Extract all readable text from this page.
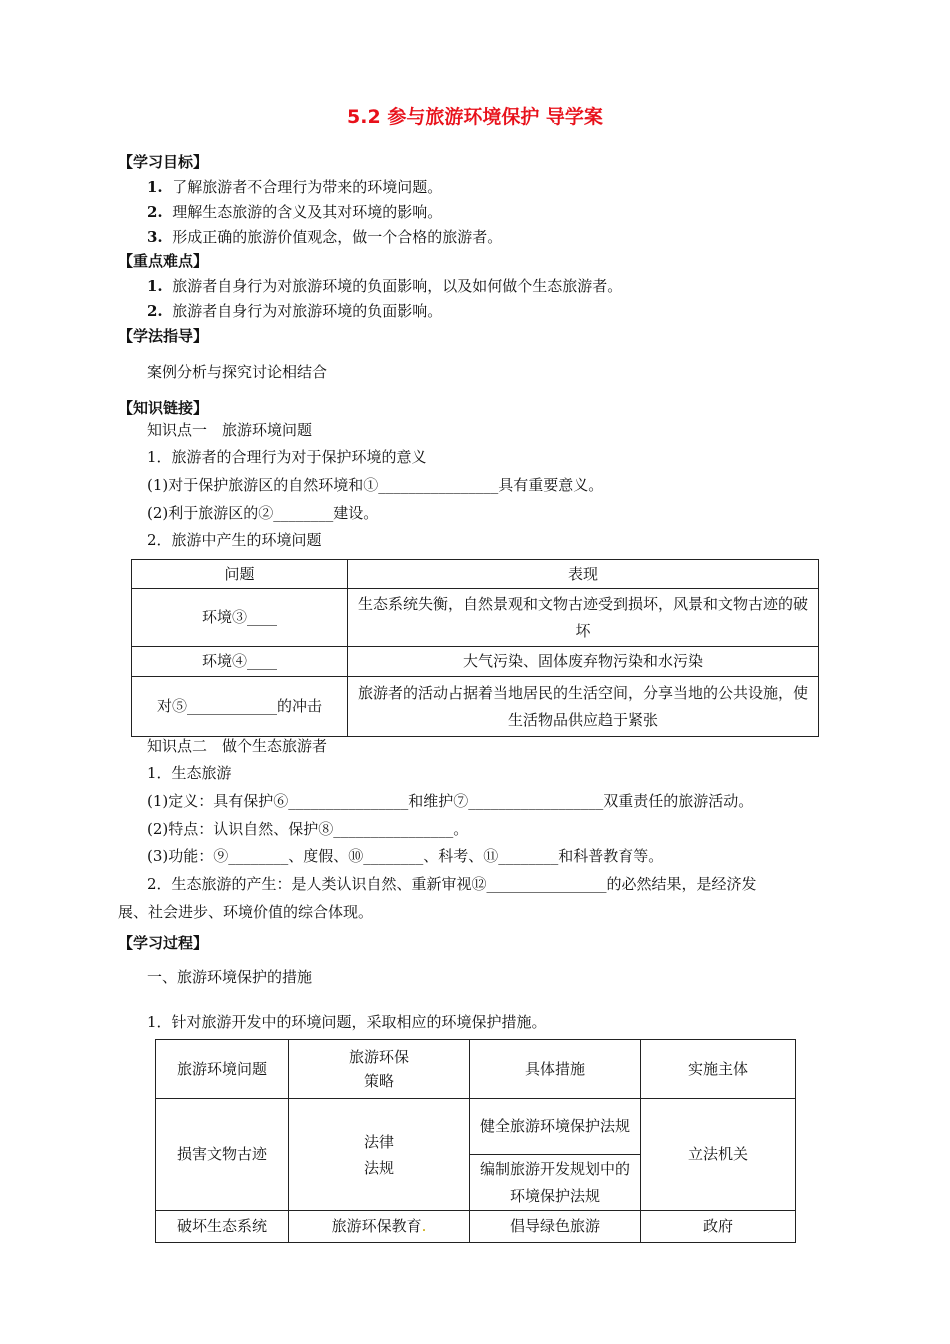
5.2 参与旅游环境保护 导学案
【学习目标】
1. 了解旅游者不合理行为带来的环境问题。
2. 理解生态旅游的含义及其对环境的影响。
3. 形成正确的旅游价值观念，做一个合格的旅游者。
【重点难点】
1. 旅游者自身行为对旅游环境的负面影响，以及如何做个生态旅游者。
2. 旅游者自身行为对旅游环境的负面影响。
【学法指导】
案例分析与探究讨论相结合
【知识链接】
知识点一　旅游环境问题
1．旅游者的合理行为对于保护环境的意义
(1)对于保护旅游区的自然环境和①________________具有重要意义。
(2)利于旅游区的②________建设。
2．旅游中产生的环境问题
问题	表现
环境③____	生态系统失衡，自然景观和文物古迹受到损坏，风景和文物古迹的破坏
环境④____	大气污染、固体废弃物污染和水污染
对⑤____________的冲击	旅游者的活动占据着当地居民的生活空间，分享当地的公共设施，使生活物品供应趋于紧张
知识点二　做个生态旅游者
1．生态旅游
(1)定义：具有保护⑥________________和维护⑦__________________双重责任的旅游活动。
(2)特点：认识自然、保护⑧________________。
(3)功能：⑨________、度假、⑩________、科考、⑪________和科普教育等。
2．生态旅游的产生：是人类认识自然、重新审视⑫________________的必然结果，是经济发
展、社会进步、环境价值的综合体现。
【学习过程】
一、旅游环境保护的措施
1．针对旅游开发中的环境问题，采取相应的环境保护措施。
旅游环境问题	旅游环保策略	具体措施	实施主体
损害文物古迹	法律法规	健全旅游环境保护法规	立法机关
		编制旅游开发规划中的环境保护法规	
破坏生态系统	旅游环保教育.	倡导绿色旅游	政府
